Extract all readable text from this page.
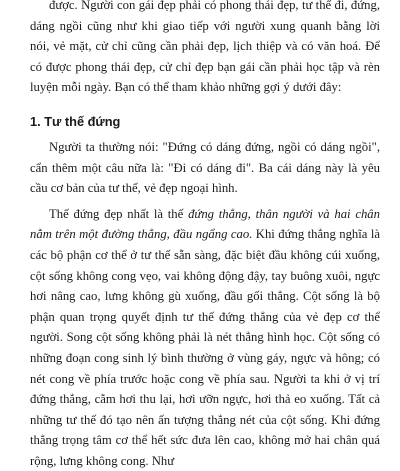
được. Người con gái đẹp phải có phong thái đẹp, tư thế đi, đứng, dáng ngồi cũng như khi giao tiếp với người xung quanh bằng lời nói, vẻ mặt, cử chỉ cũng cần phải đẹp, lịch thiệp và có văn hoá. Để có được phong thái đẹp, cử chỉ đẹp bạn gái cần phải học tập và rèn luyện mỗi ngày. Bạn có thể tham khảo những gợi ý dưới đây:

1. Tư thế đứng

Người ta thường nói: "Đứng có dáng đứng, ngồi có dáng ngồi", cẩn thêm một câu nữa là: "Đi có dáng đi". Ba cái dáng này là yêu cầu cơ bản của tư thế, vẻ đẹp ngoại hình.

Thế đứng đẹp nhất là thế đứng thẳng, thân người và hai chân nằm trên một đường thẳng, đầu ngẩng cao. Khi đứng thẳng nghĩa là các bộ phận cơ thể ở tư thế sẵn sàng, đặc biệt đầu không cúi xuống, cột sống không cong vẹo, vai không động đậy, tay buông xuôi, ngực hơi nâng cao, lưng không gù xuống, đầu gối thẳng. Cột sống là bộ phận quan trọng quyết định tư thế đứng thẳng của vẻ đẹp cơ thể người. Song cột sống không phải là nét thẳng hình học. Cột sống có những đoạn cong sinh lý bình thường ở vùng gáy, ngực và hông; có nét cong về phía trước hoặc cong về phía sau. Người ta khi ở vị trí đứng thẳng, cằm hơi thu lại, hơi ưỡn ngực, hơi thả eo xuống. Tất cả những tư thế đó tạo nên ấn tượng thẳng nét của cột sống. Khi đứng thẳng trọng tâm cơ thể hết sức đưa lên cao, không mở hai chân quá rộng, lưng không cong. Như
